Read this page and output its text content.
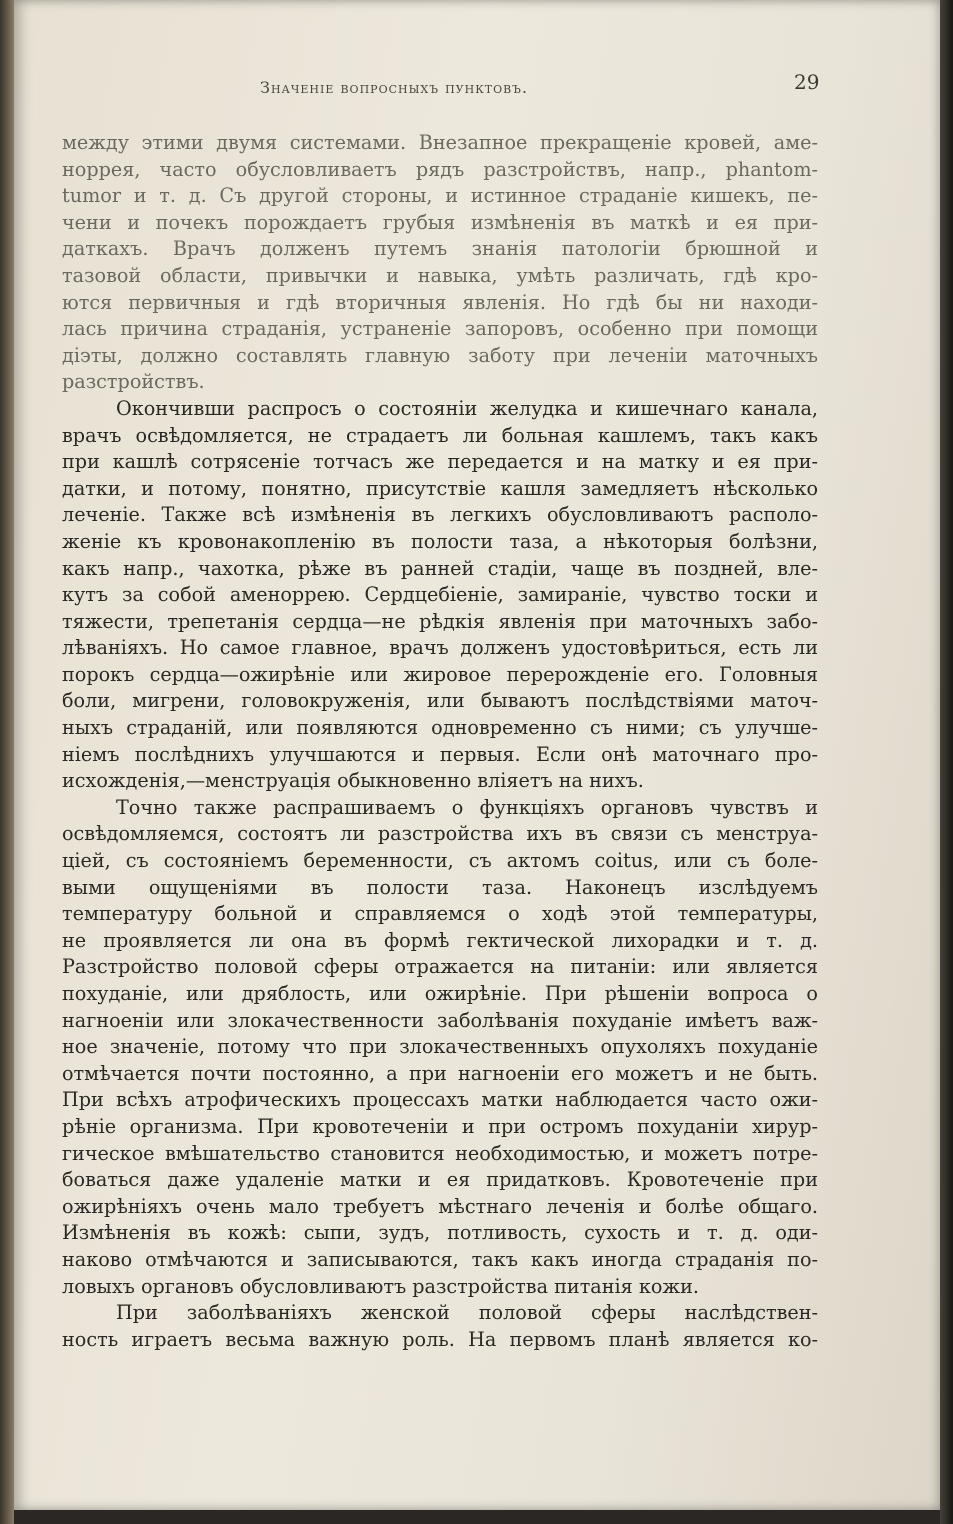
Значеніе вопросныхъ пунктовъ.	29
между этими двумя системами. Внезапное прекращеніе кровей, аме-
норрея, часто обусловливаетъ рядъ разстройствъ, напр., phantom-
tumor и т. д. Съ другой стороны, и истинное страданіе кишекъ, пе-
чени и почекъ порождаетъ грубыя измѣненія въ маткѣ и ея при-
даткахъ. Врачъ долженъ путемъ знанія патологіи брюшной и
тазовой области, привычки и навыка, умѣть различать, гдѣ кро-
ются первичныя и гдѣ вторичныя явленія. Но гдѣ бы ни находи-
лась причина страданія, устраненіе запоровъ, особенно при помощи
діэты, должно составлять главную заботу при леченіи маточныхъ
разстройствъ.
Окончивши распросъ о состояніи желудка и кишечнаго канала,
врачъ освѣдомляется, не страдаетъ ли больная кашлемъ, такъ какъ
при кашлѣ сотрясеніе тотчасъ же передается и на матку и ея при-
датки, и потому, понятно, присутствіе кашля замедляетъ нѣсколько
леченіе. Также всѣ измѣненія въ легкихъ обусловливаютъ располо-
женіе къ кровонакопленію въ полости таза, а нѣкоторыя болѣзни,
какъ напр., чахотка, рѣже въ ранней стадіи, чаще въ поздней, вле-
кутъ за собой аменоррею. Сердцебіеніе, замираніе, чувство тоски и
тяжести, трепетанія сердца—не рѣдкія явленія при маточныхъ забо-
лѣваніяхъ. Но самое главное, врачъ долженъ удостовѣриться, есть ли
порокъ сердца—ожирѣніе или жировое перерожденіе его. Головныя
боли, мигрени, головокруженія, или бываютъ послѣдствіями маточ-
ныхъ страданій, или появляются одновременно съ ними; съ улучше-
ніемъ послѣднихъ улучшаются и первыя. Если онѣ маточнаго про-
исхожденія,—менструація обыкновенно вліяетъ на нихъ.
Точно также распрашиваемъ о функціяхъ органовъ чувствъ и
освѣдомляемся, состоятъ ли разстройства ихъ въ связи съ менструа-
ціей, съ состояніемъ беременности, съ актомъ coitus, или съ боле-
выми ощущеніями въ полости таза. Наконецъ изслѣдуемъ
температуру больной и справляемся о ходѣ этой температуры,
не проявляется ли она въ формѣ гектической лихорадки и т. д.
Разстройство половой сферы отражается на питаніи: или является
похуданіе, или дряблость, или ожирѣніе. При рѣшеніи вопроса о
нагноеніи или злокачественности заболѣванія похуданіе имѣетъ важ-
ное значеніе, потому что при злокачественныхъ опухоляхъ похуданіе
отмѣчается почти постоянно, а при нагноеніи его можетъ и не быть.
При всѣхъ атрофическихъ процессахъ матки наблюдается часто ожи-
рѣніе организма. При кровотеченіи и при остромъ похуданіи хирур-
гическое вмѣшательство становится необходимостью, и можетъ потре-
боваться даже удаленіе матки и ея придатковъ. Кровотеченіе при
ожирѣніяхъ очень мало требуетъ мѣстнаго леченія и болѣе общаго.
Измѣненія въ кожѣ: сыпи, зудъ, потливость, сухость и т. д. оди-
наково отмѣчаются и записываются, такъ какъ иногда страданія по-
ловыхъ органовъ обусловливаютъ разстройства питанія кожи.
При заболѣваніяхъ женской половой сферы наслѣдствен-
ность играетъ весьма важную роль. На первомъ планѣ является ко-
